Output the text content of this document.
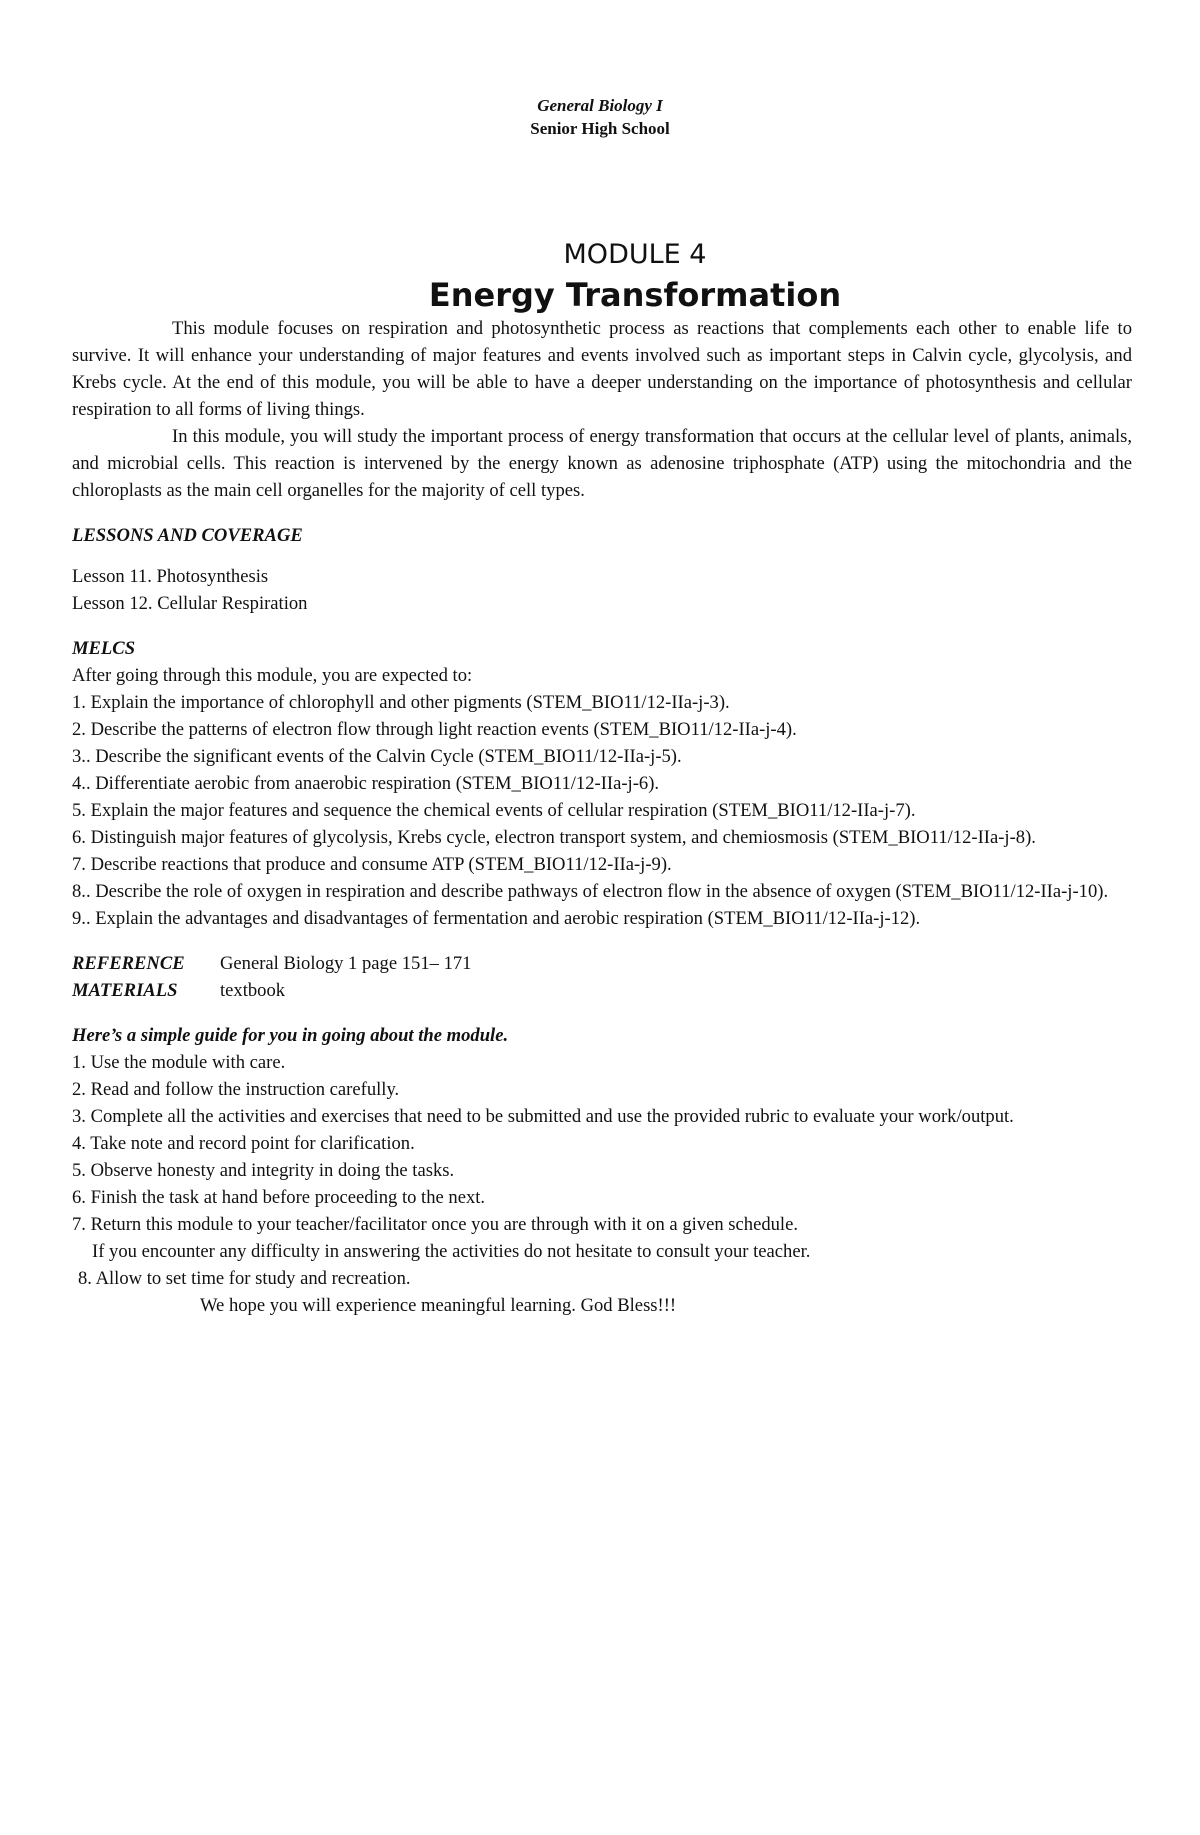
General Biology I
Senior High School
MODULE 4
Energy Transformation

This module focuses on respiration and photosynthetic process as reactions that complements each other to enable life to survive. It will enhance your understanding of major features and events involved such as important steps in Calvin cycle, glycolysis, and Krebs cycle. At the end of this module, you will be able to have a deeper understanding on the importance of photosynthesis and cellular respiration to all forms of living things.

In this module, you will study the important process of energy transformation that occurs at the cellular level of plants, animals, and microbial cells. This reaction is intervened by the energy known as adenosine triphosphate (ATP) using the mitochondria and the chloroplasts as the main cell organelles for the majority of cell types.

LESSONS AND COVERAGE

Lesson 11. Photosynthesis

Lesson 12. Cellular Respiration

MELCS

After going through this module, you are expected to:

1. Explain the importance of chlorophyll and other pigments (STEM_BIO11/12-IIa-j-3).

2. Describe the patterns of electron flow through light reaction events (STEM_BIO11/12-IIa-j-4).

3.. Describe the significant events of the Calvin Cycle (STEM_BIO11/12-IIa-j-5).

4.. Differentiate aerobic from anaerobic respiration (STEM_BIO11/12-IIa-j-6).

5. Explain the major features and sequence the chemical events of cellular respiration (STEM_BIO11/12-IIa-j-7).

6. Distinguish major features of glycolysis, Krebs cycle, electron transport system, and chemiosmosis (STEM_BIO11/12-IIa-j-8).

7. Describe reactions that produce and consume ATP (STEM_BIO11/12-IIa-j-9).

8.. Describe the role of oxygen in respiration and describe pathways of electron flow in the absence of oxygen (STEM_BIO11/12-IIa-j-10).

9.. Explain the advantages and disadvantages of fermentation and aerobic respiration (STEM_BIO11/12-IIa-j-12).

REFERENCE	General Biology 1 page 151– 171
MATERIALS	textbook

Here’s a simple guide for you in going about the module.

1. Use the module with care.

2. Read and follow the instruction carefully.

3. Complete all the activities and exercises that need to be submitted and use the provided rubric to evaluate your work/output.

4. Take note and record point for clarification.

5. Observe honesty and integrity in doing the tasks.

6. Finish the task at hand before proceeding to the next.

7. Return this module to your teacher/facilitator once you are through with it on a given schedule.

If you encounter any difficulty in answering the activities do not hesitate to consult your teacher.

8. Allow to set time for study and recreation.

We hope you will experience meaningful learning. God Bless!!!
